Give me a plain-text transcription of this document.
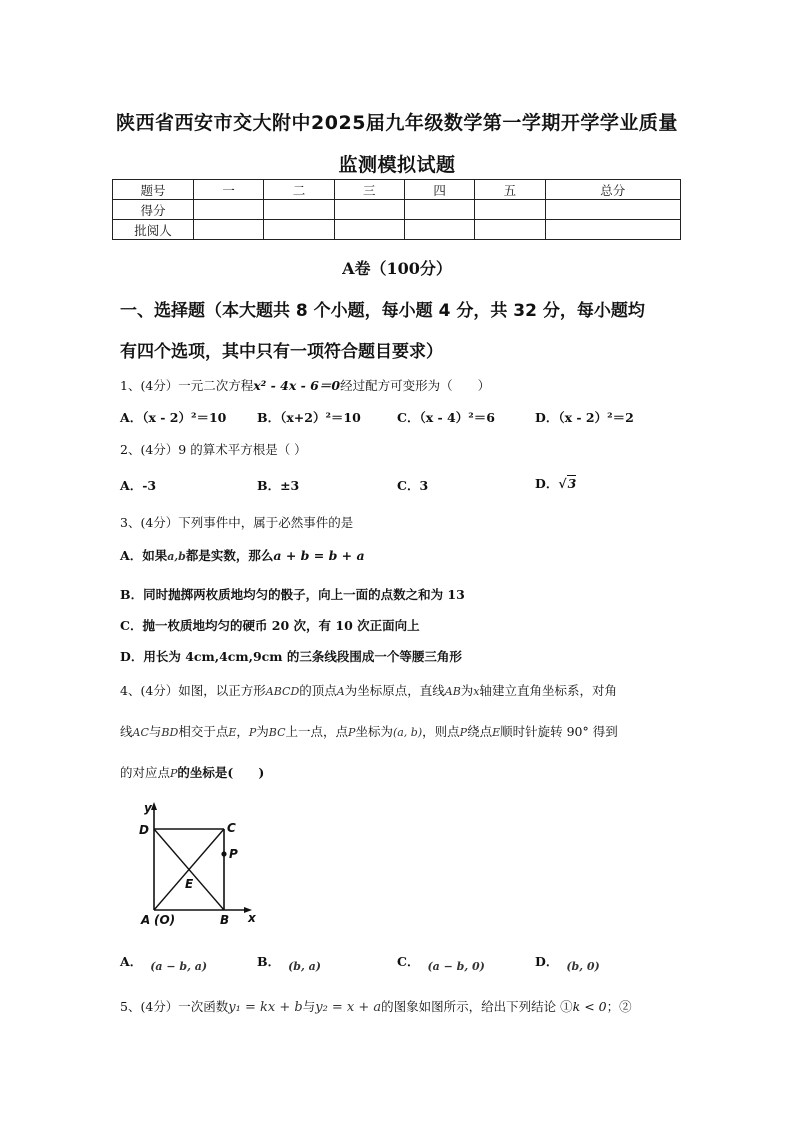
陕西省西安市交大附中2025届九年级数学第一学期开学学业质量
监测模拟试题
题号	一	二	三	四	五	总分
得分						
批阅人						
A卷（100分）
一、选择题（本大题共 8 个小题，每小题 4 分，共 32 分，每小题均
有四个选项，其中只有一项符合题目要求）
1、(4分）一元二次方程x² - 4x - 6＝0经过配方可变形为（　　）
A．（x - 2）²＝10 B．（x+2）²＝10	C．（x - 4）²＝6	D．（x - 2）²＝2
2、(4分）9 的算术平方根是（ ）
A．-3	B．±3	C．3	D．√3
3、(4分）下列事件中，属于必然事件的是
A．如果a,b都是实数，那么a + b = b + a
B．同时抛掷两枚质地均匀的骰子，向上一面的点数之和为 13
C．抛一枚质地均匀的硬币 20 次，有 10 次正面向上
D．用长为 4cm,4cm,9cm 的三条线段围成一个等腰三角形
4、(4分）如图，以正方形ABCD的顶点A为坐标原点，直线AB为x轴建立直角坐标系，对角
线AC与BD相交于点E，P为BC上一点，点P坐标为(a, b)，则点P绕点E顺时针旋转 90° 得到
的对应点P的坐标是(　　)
y
D	C
P
E
A (O)	B x
A． (a − b, a)	B． (b, a)	C． (a − b, 0)	D． (b, 0)
5、(4分）一次函数y₁ = kx + b与y₂ = x + a的图象如图所示，给出下列结论 ①k < 0；②
